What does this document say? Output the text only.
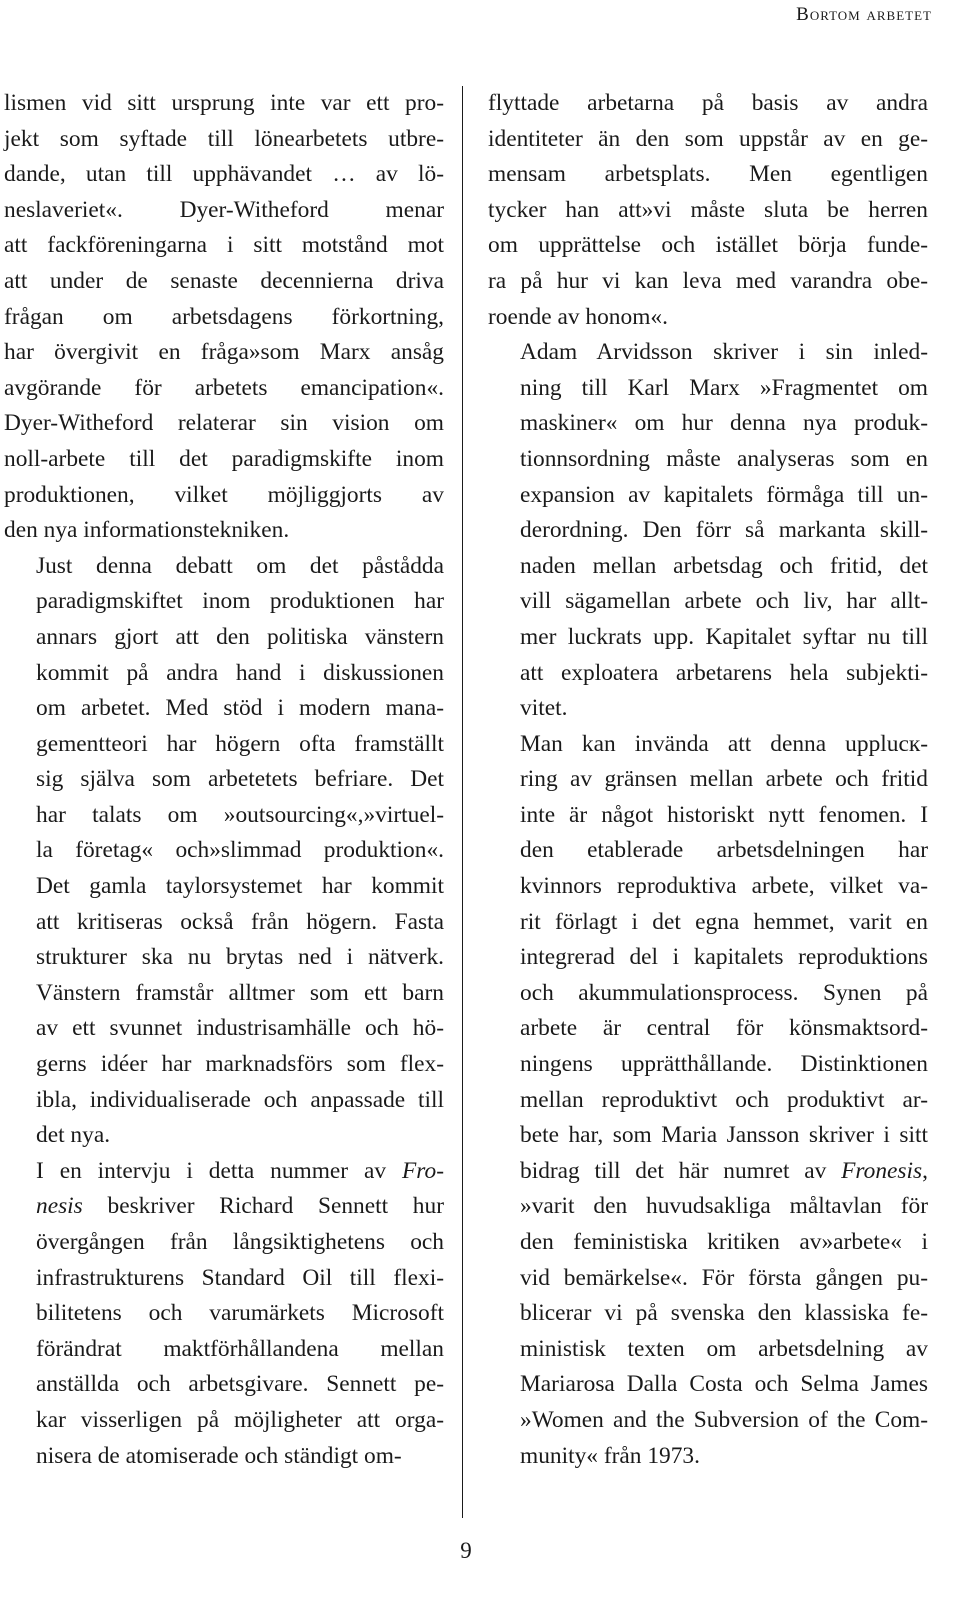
Bortom arbetet

lismen vid sitt ursprung inte var ett pro-
jekt som syftade till lönearbetets utbre-
dande, utan till upphävandet … av lö-
neslaveriet«. Dyer-Witheford menar
att fackföreningarna i sitt motstånd mot
att under de senaste decennierna driva
frågan om arbetsdagens förkortning,
har övergivit en fråga»som Marx ansåg
avgörande för arbetets emancipation«.
Dyer-Witheford relaterar sin vision om
noll-arbete till det paradigmskifte inom
produktionen, vilket möjliggjorts av
den nya informationstekniken.

Just denna debatt om det påstådda
paradigmskiftet inom produktionen har
annars gjort att den politiska vänstern
kommit på andra hand i diskussionen
om arbetet. Med stöd i modern mana-
gementteori har högern ofta framställt
sig själva som arbetetets befriare. Det
har talats om »outsourcing«,»virtuel-
la företag« och»slimmad produktion«.
Det gamla taylorsystemet har kommit
att kritiseras också från högern. Fasta
strukturer ska nu brytas ned i nätverk.
Vänstern framstår alltmer som ett barn
av ett svunnet industrisamhälle och hö-
gerns idéer har marknadsförs som flex-
ibla, individualiserade och anpassade till
det nya.

I en intervju i detta nummer av Fro-
nesis beskriver Richard Sennett hur
övergången från långsiktighetens och
infrastrukturens Standard Oil till flexi-
bilitetens och varumärkets Microsoft
förändrat maktförhållandena mellan
anställda och arbetsgivare. Sennett pe-
kar visserligen på möjligheter att orga-
nisera de atomiserade och ständigt om-

flyttade arbetarna på basis av andra
identiteter än den som uppstår av en ge-
mensam arbetsplats. Men egentligen
tycker han att»vi måste sluta be herren
om upprättelse och istället börja funde-
ra på hur vi kan leva med varandra obe-
roende av honom«.

Adam Arvidsson skriver i sin inled-
ning till Karl Marx »Fragmentet om
maskiner« om hur denna nya produk-
tionnsordning måste analyseras som en
expansion av kapitalets förmåga till un-
derordning. Den förr så markanta skill-
naden mellan arbetsdag och fritid, det
vill sägamellan arbete och liv, har allt-
mer luckrats upp. Kapitalet syftar nu till
att exploatera arbetarens hela subjekti-
vitet.

Man kan invända att denna upplucк-
ring av gränsen mellan arbete och fritid
inte är något historiskt nytt fenomen. I
den etablerade arbetsdelningen har
kvinnors reproduktiva arbete, vilket va-
rit förlagt i det egna hemmet, varit en
integrerad del i kapitalets reproduktions
och akummulationsprocess. Synen på
arbete är central för könsmaktsord-
ningens upprätthållande. Distinktionen
mellan reproduktivt och produktivt ar-
bete har, som Maria Jansson skriver i sitt
bidrag till det här numret av Fronesis,
»varit den huvudsakliga måltavlan för
den feministiska kritiken av»arbete« i
vid bemärkelse«. För första gången pu-
blicerar vi på svenska den klassiska fe-
ministisk texten om arbetsdelning av
Mariarosa Dalla Costa och Selma James
»Women and the Subversion of the Com-
munity« från 1973.

9
